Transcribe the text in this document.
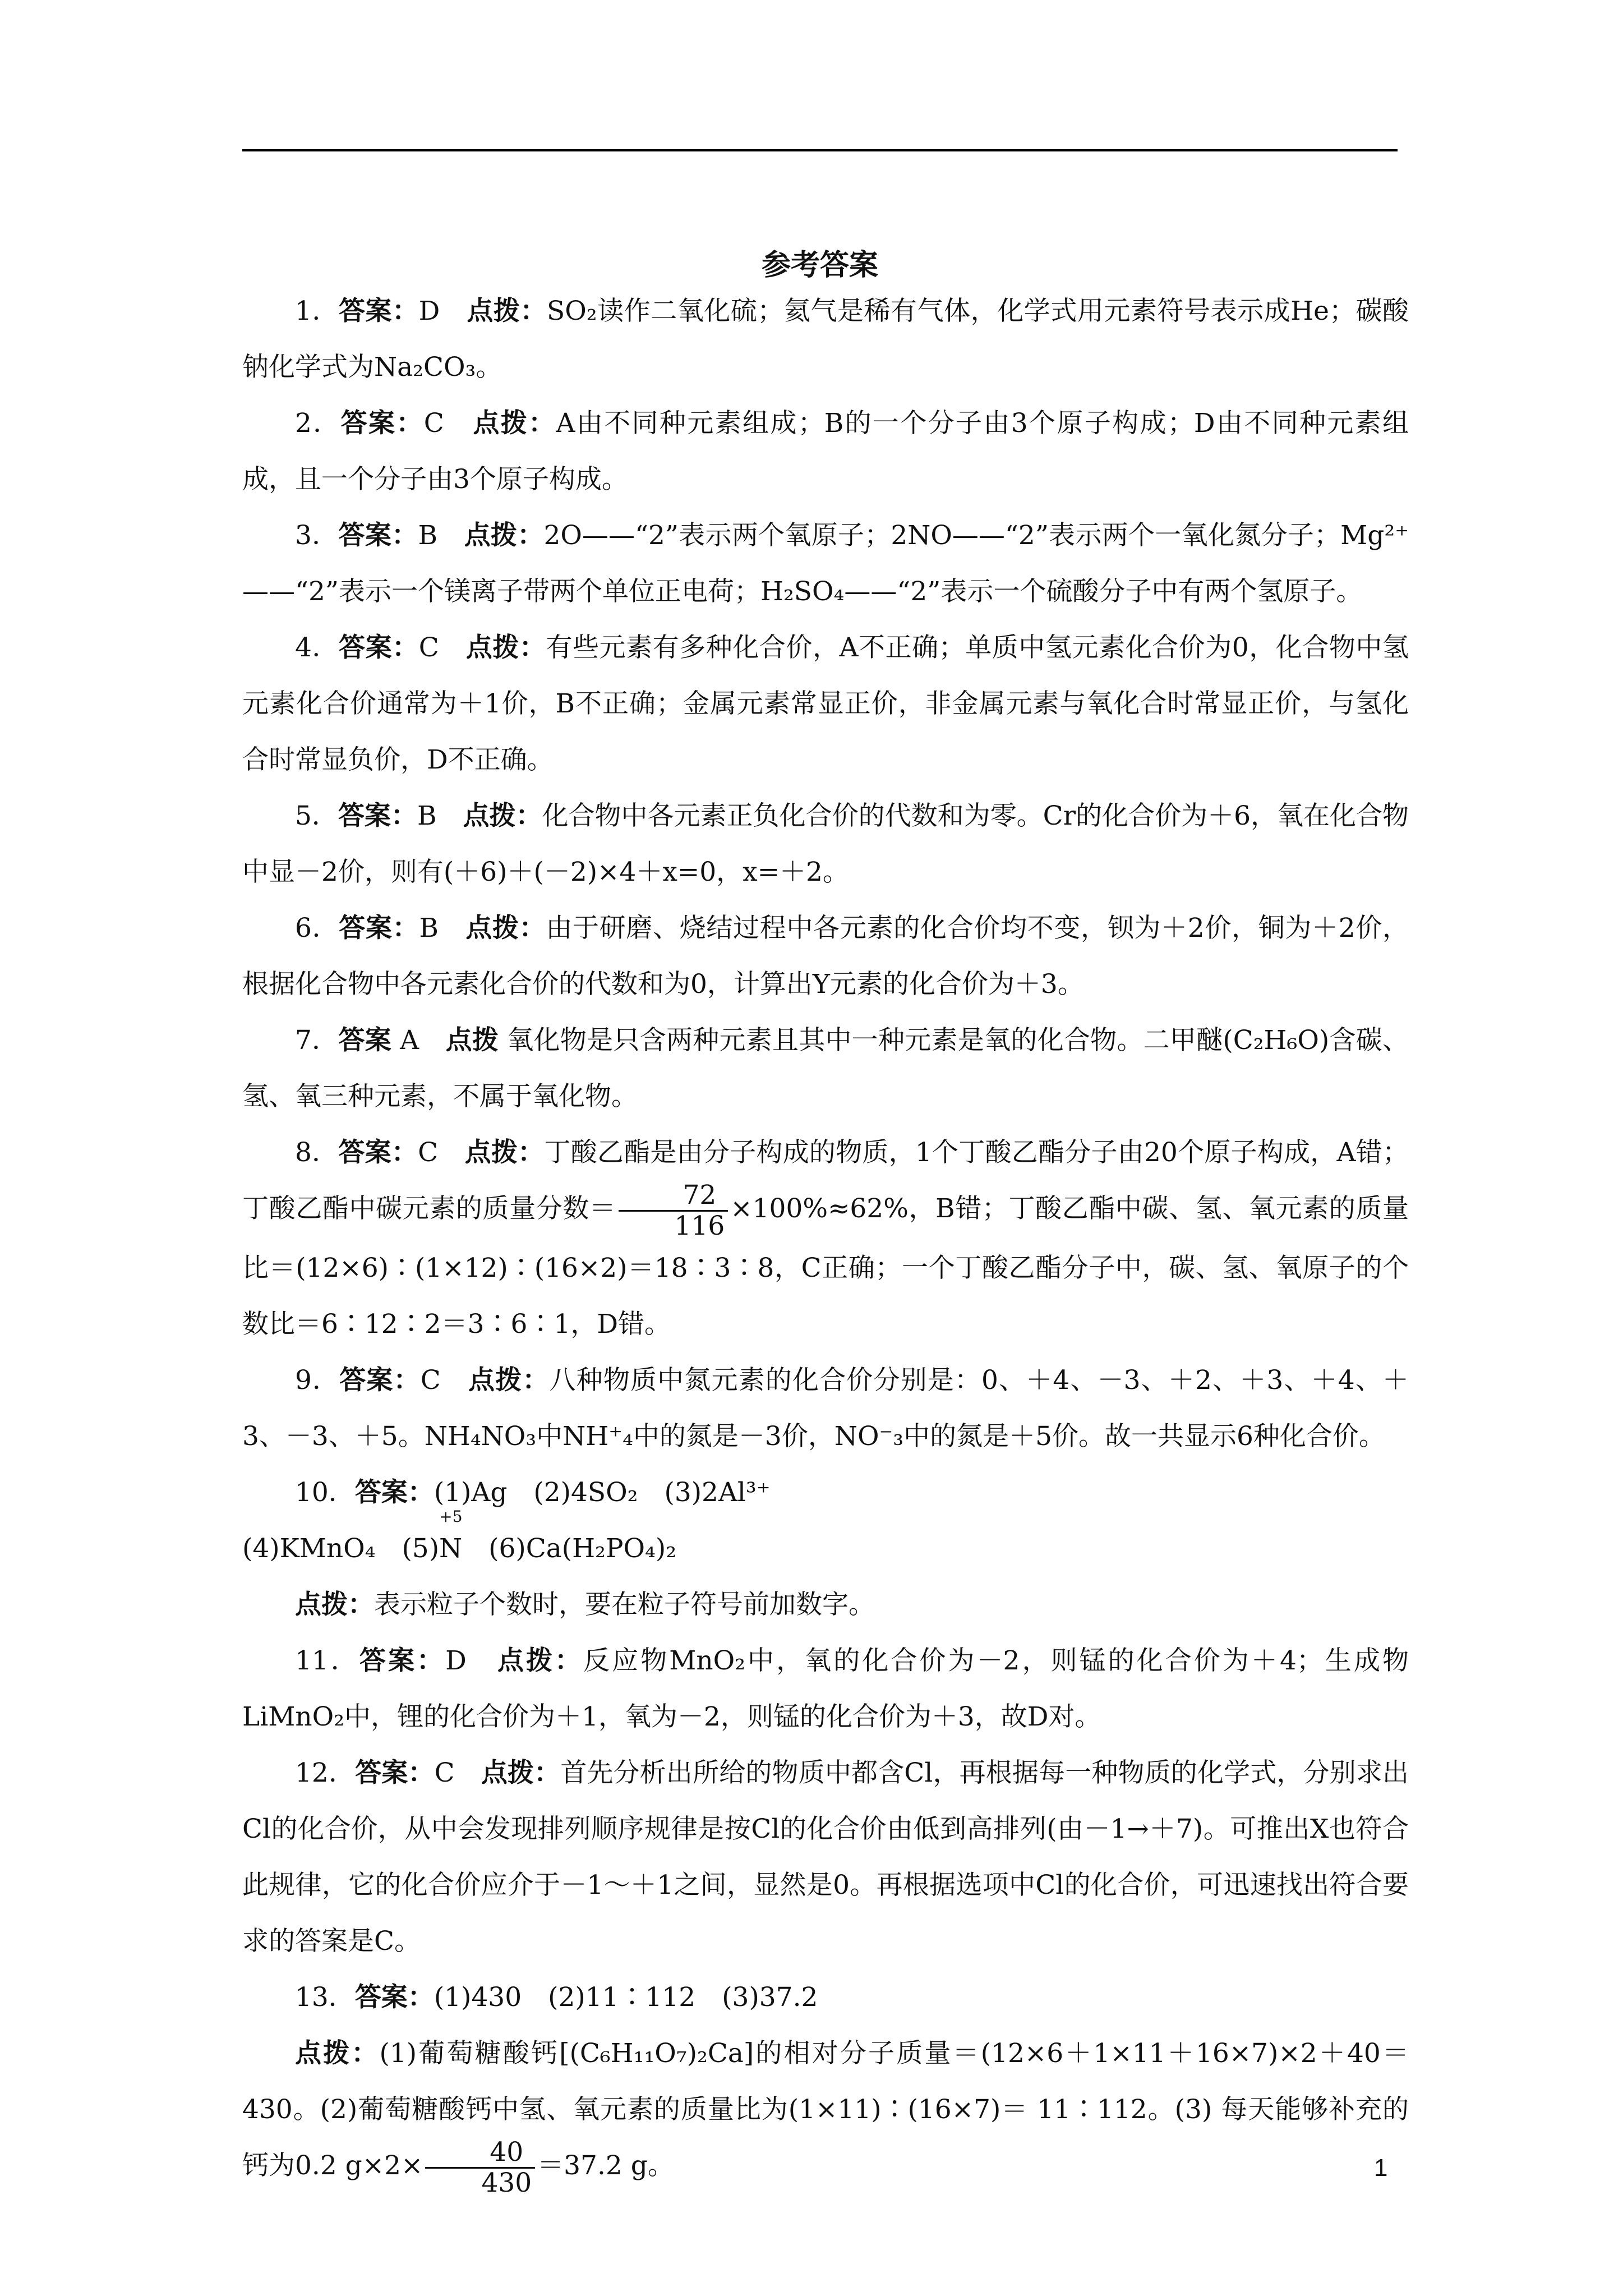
参考答案

1．答案：D　 点拨：SO₂读作二氧化硫；氦气是稀有气体，化学式用元素符号表示成He；碳酸钠化学式为Na₂CO₃。

2．答案：C　 点拨：A由不同种元素组成；B的一个分子由3个原子构成；D由不同种元素组成，且一个分子由3个原子构成。

3．答案：B　 点拨：2O——“2”表示两个氧原子；2NO——“2”表示两个一氧化氮分子；Mg²⁺——“2”表示一个镁离子带两个单位正电荷；H₂SO₄——“2”表示一个硫酸分子中有两个氢原子。

4．答案：C　 点拨：有些元素有多种化合价，A不正确；单质中氢元素化合价为0，化合物中氢元素化合价通常为＋1价，B不正确；金属元素常显正价，非金属元素与氧化合时常显正价，与氢化合时常显负价，D不正确。

5．答案：B　 点拨：化合物中各元素正负化合价的代数和为零。Cr的化合价为＋6，氧在化合物中显－2价，则有(＋6)＋(－2)×4＋x=0，x=＋2。

6．答案：B　 点拨：由于研磨、烧结过程中各元素的化合价均不变，钡为＋2价，铜为＋2价，根据化合物中各元素化合价的代数和为0，计算出Y元素的化合价为＋3。

7．答案 A　 点拨 氧化物是只含两种元素且其中一种元素是氧的化合物。二甲醚(C₂H₆O)含碳、氢、氧三种元素，不属于氧化物。

8．答案：C　 点拨：丁酸乙酯是由分子构成的物质，1个丁酸乙酯分子由20个原子构成，A错；丁酸乙酯中碳元素的质量分数＝ $\frac{72}{116} \times 100\%\approx 62\%$，B错；丁酸乙酯中碳、氢、氧元素的质量比＝(12×6)∶(1×12)∶(16×2)＝18∶3∶8，C正确；一个丁酸乙酯分子中，碳、氢、氧原子的个数比＝6∶12∶2＝3∶6∶1，D错。

9．答案：C　 点拨：八种物质中氮元素的化合价分别是：0、＋4、－3、＋2、＋3、＋4、＋3、－3、＋5。NH₄NO₃中NH⁺₄中的氮是－3价，NO⁻₃中的氮是＋5价。故一共显示6种化合价。

10．答案：(1)Ag　 (2)4SO₂　 (3)2Al³⁺

(4)KMnO₄　 (5)
+5
N　 (6)Ca(H₂PO₄)₂

点拨：表示粒子个数时，要在粒子符号前加数字。

11．答案：D　 点拨：反应物MnO₂中，氧的化合价为－2，则锰的化合价为＋4；生成物LiMnO₂中，锂的化合价为＋1，氧为－2，则锰的化合价为＋3，故D对。

12．答案：C　 点拨：首先分析出所给的物质中都含Cl，再根据每一种物质的化学式，分别求出Cl的化合价，从中会发现排列顺序规律是按Cl的化合价由低到高排列(由－1→＋7)。可推出X也符合此规律，它的化合价应介于－1～＋1之间，显然是0。再根据选项中Cl的化合价，可迅速找出符合要求的答案是C。

13．答案：(1)430　 (2)11∶112　 (3)37.2

点拨：(1)葡萄糖酸钙[(C₆H₁₁O₇)₂Ca]的相对分子质量＝(12×6＋1×11＋16×7)×2＋40＝430。(2)葡萄糖酸钙中氢、氧元素的质量比为(1×11)∶(16×7)＝ 11∶112。(3) 每天能够补充的钙为0.2 $g\times 2\times \frac{40}{430} =37.2$ g。	1
